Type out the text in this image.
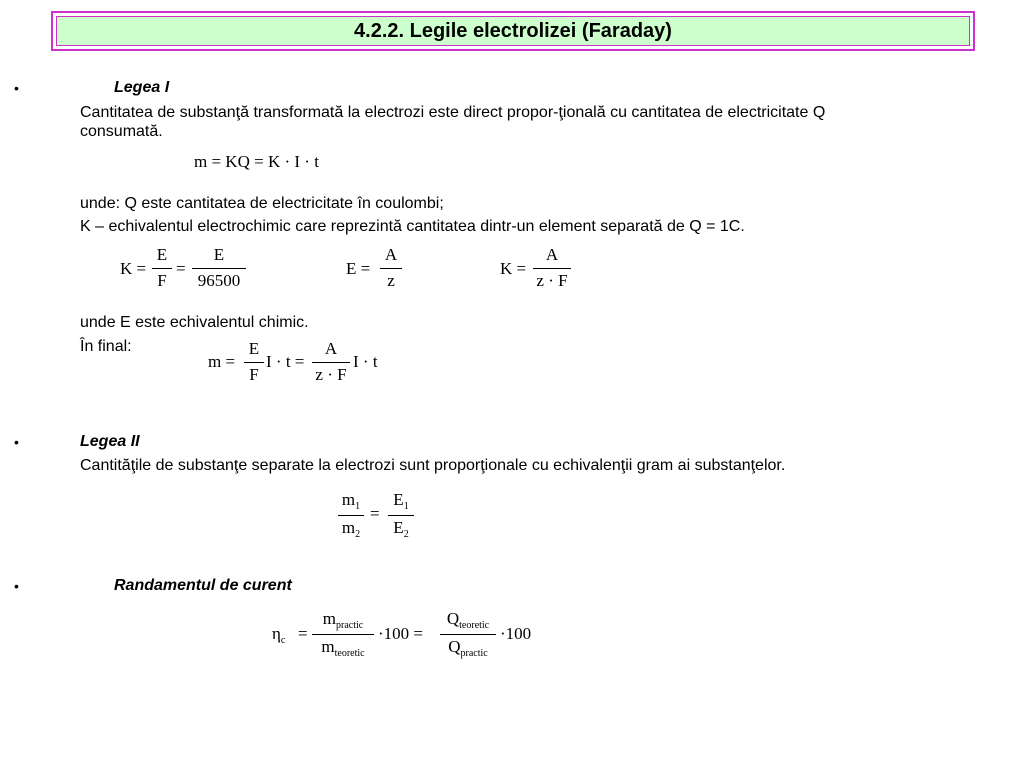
4.2.2. Legile electrolizei (Faraday)
•	Legea I
Cantitatea de substanţă transformată la electrozi este direct propor-ţională cu cantitatea de electricitate Q
consumată.
m = KQ = K · I · t
unde: Q este cantitatea de electricitate în coulombi;
K – echivalentul electrochimic care reprezintă cantitatea dintr-un element separată de Q = 1C.
$K = \frac{E}{F} = \frac{E}{96500}$	$E = \frac{A}{z}$	$K = \frac{A}{z \cdot F}$
unde E este echivalentul chimic.
În final:
$m = \frac{E}{F}$ $I \cdot t = \frac{A}{z \cdot F}$ I · t
•	Legea II
Cantităţile de substanţe separate la electrozi sunt proporţionale cu echivalenţii gram ai substanţelor.
$\frac{m_1}{m_2} = \frac{E_1}{E_2}$
•	Randamentul de curent
$\eta_c$ =
$m_{practic}$
$m_{teoretic}$
·100 =
$Q_{teoretic}$
$Q_{practic}$
·100
